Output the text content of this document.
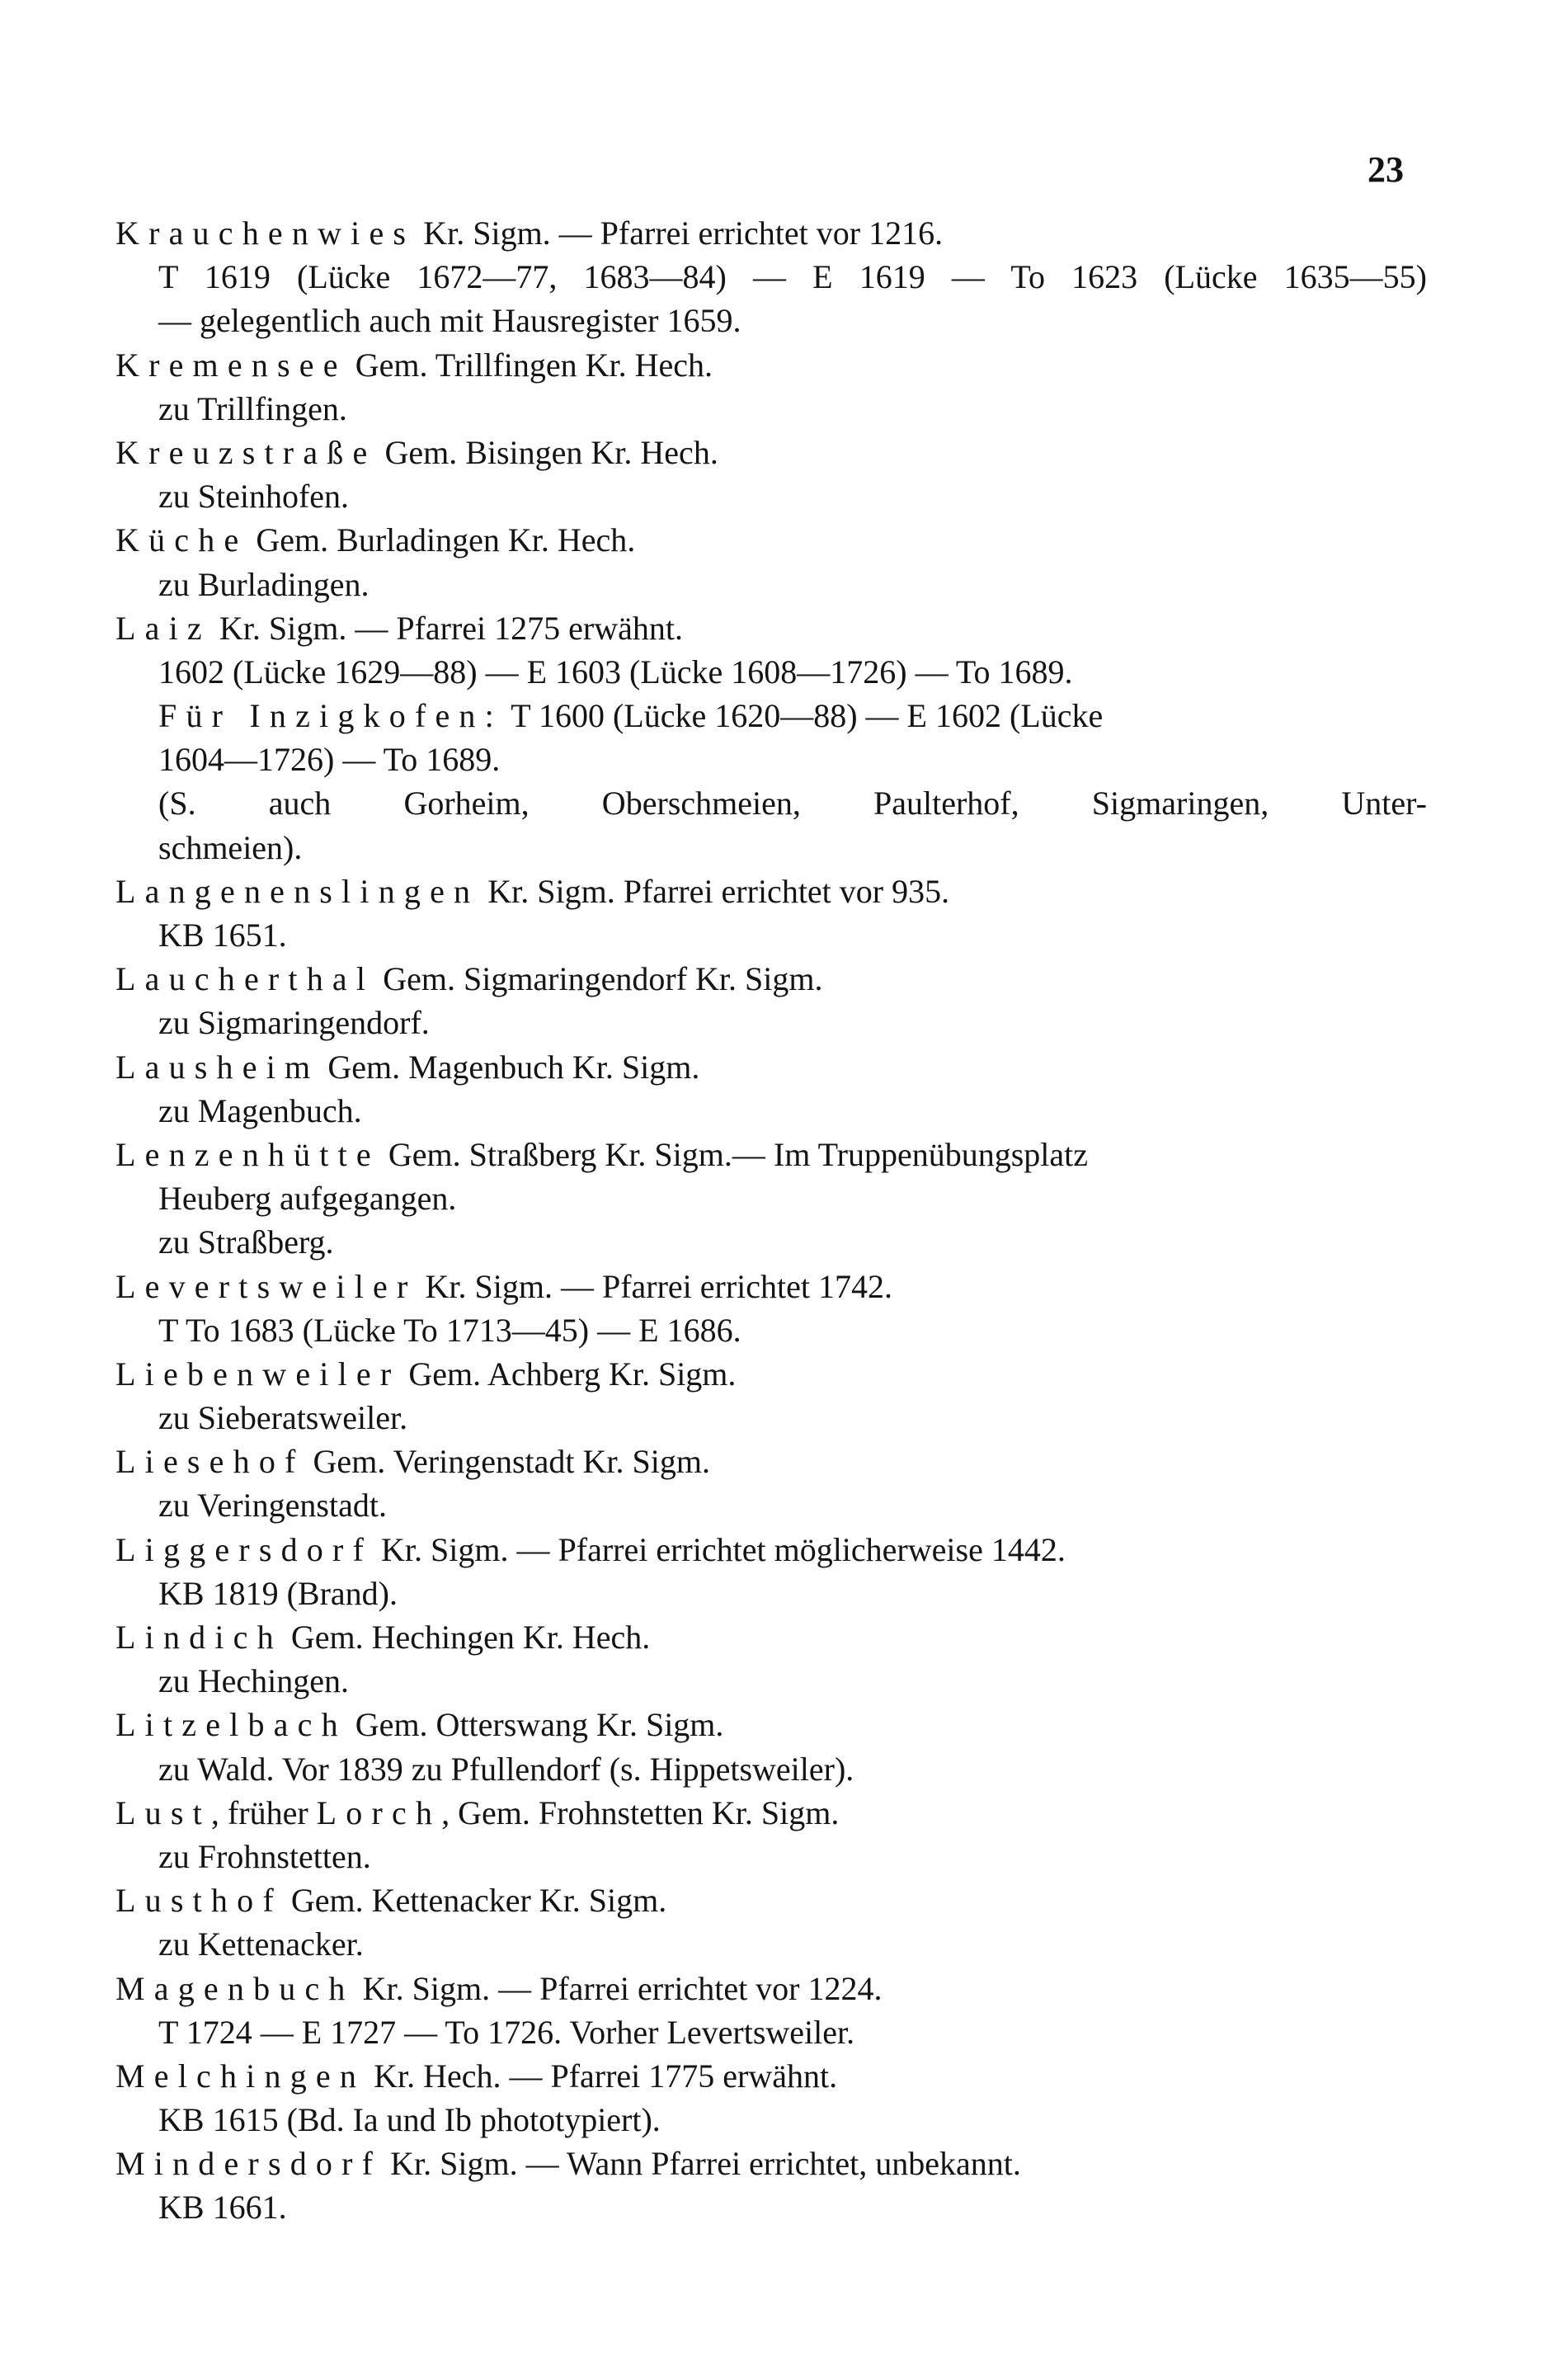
23
Krauchenwies Kr. Sigm. — Pfarrei errichtet vor 1216.
T 1619 (Lücke 1672—77, 1683—84) — E 1619 — To 1623 (Lücke 1635—55)
— gelegentlich auch mit Hausregister 1659.
Kremensee Gem. Trillfingen Kr. Hech.
zu Trillfingen.
Kreuzstraße Gem. Bisingen Kr. Hech.
zu Steinhofen.
Küche Gem. Burladingen Kr. Hech.
zu Burladingen.
Laiz Kr. Sigm. — Pfarrei 1275 erwähnt.
1602 (Lücke 1629—88) — E 1603 (Lücke 1608—1726) — To 1689.
Für Inzigkofen: T 1600 (Lücke 1620—88) — E 1602 (Lücke
1604—1726) — To 1689.
(S. auch Gorheim, Oberschmeien, Paulterhof, Sigmaringen, Unter-
schmeien).
Langenenslingen Kr. Sigm. Pfarrei errichtet vor 935.
KB 1651.
Laucherthal Gem. Sigmaringendorf Kr. Sigm.
zu Sigmaringendorf.
Lausheim Gem. Magenbuch Kr. Sigm.
zu Magenbuch.
Lenzenhütte Gem. Straßberg Kr. Sigm.— Im Truppenübungsplatz
Heuberg aufgegangen.
zu Straßberg.
Levertsweiler Kr. Sigm. — Pfarrei errichtet 1742.
T To 1683 (Lücke To 1713—45) — E 1686.
Liebenweiler Gem. Achberg Kr. Sigm.
zu Sieberatsweiler.
Liesehof Gem. Veringenstadt Kr. Sigm.
zu Veringenstadt.
Liggersdorf Kr. Sigm. — Pfarrei errichtet möglicherweise 1442.
KB 1819 (Brand).
Lindich Gem. Hechingen Kr. Hech.
zu Hechingen.
Litzelbach Gem. Otterswang Kr. Sigm.
zu Wald. Vor 1839 zu Pfullendorf (s. Hippetsweiler).
Lust, früher Lorch, Gem. Frohnstetten Kr. Sigm.
zu Frohnstetten.
Lusthof Gem. Kettenacker Kr. Sigm.
zu Kettenacker.
Magenbuch Kr. Sigm. — Pfarrei errichtet vor 1224.
T 1724 — E 1727 — To 1726. Vorher Levertsweiler.
Melchingen Kr. Hech. — Pfarrei 1775 erwähnt.
KB 1615 (Bd. Ia und Ib phototypiert).
Mindersdorf Kr. Sigm. — Wann Pfarrei errichtet, unbekannt.
KB 1661.
